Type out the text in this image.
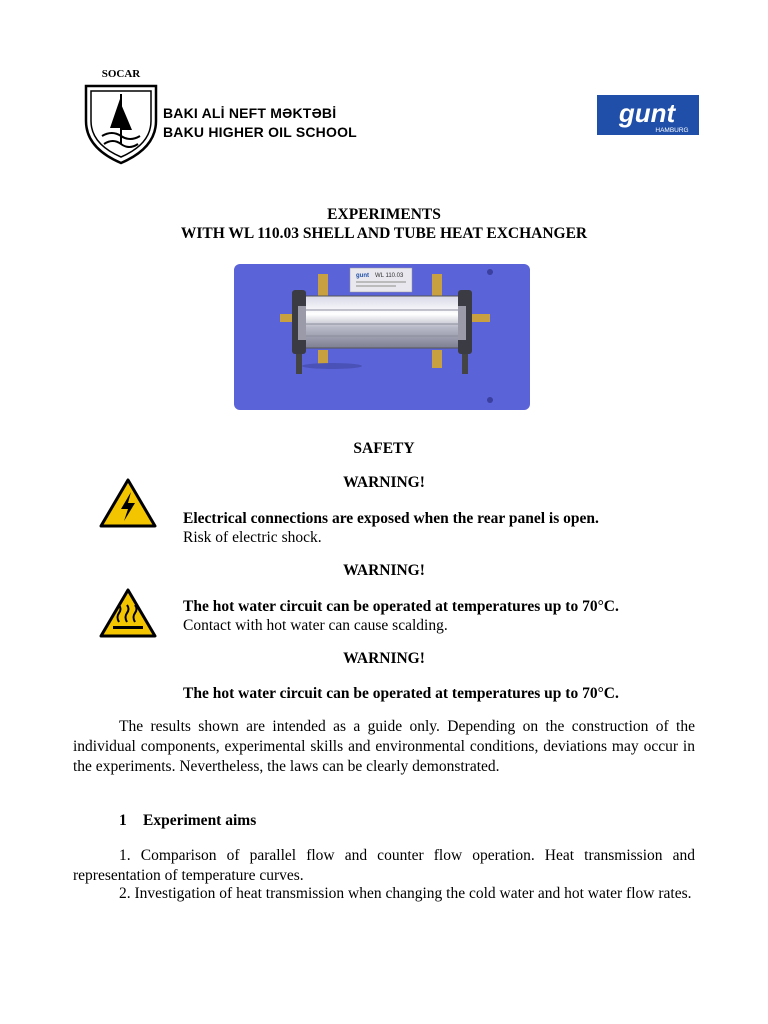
SOCAR
BAKI ALİ NEFT MƏKTƏBİ
BAKU HIGHER OIL SCHOOL
gunt
HAMBURG
EXPERIMENTS
WITH WL 110.03 SHELL AND TUBE HEAT EXCHANGER
gunt WL 110.03
SAFETY
WARNING!
Electrical connections are exposed when the rear panel is open.
Risk of electric shock.
WARNING!
The hot water circuit can be operated at temperatures up to 70°C.
Contact with hot water can cause scalding.
WARNING!
The hot water circuit can be operated at temperatures up to 70°C.
The results shown are intended as a guide only. Depending on the construction of the individual components, experimental skills and environmental conditions, deviations may occur in the experiments. Nevertheless, the laws can be clearly demonstrated.
1 Experiment aims
1. Comparison of parallel flow and counter flow operation. Heat transmission and representation of temperature curves.
2. Investigation of heat transmission when changing the cold water and hot water flow rates.
